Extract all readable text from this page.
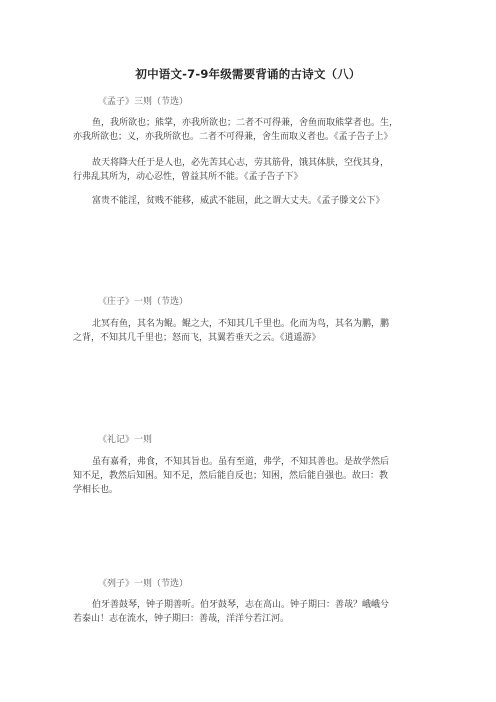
初中语文-7-9年级需要背诵的古诗文（八）
《孟子》三则（节选）
鱼，我所欲也；熊掌，亦我所欲也；二者不可得兼，舍鱼而取熊掌者也。生，
亦我所欲也；义，亦我所欲也。二者不可得兼，舍生而取义者也。《孟子告子上》
故天将降大任于是人也，必先苦其心志，劳其筋骨，饿其体肤，空伐其身，
行弗乱其所为，动心忍性，曾益其所不能。《孟子告子下》
富贵不能淫，贫贱不能移，威武不能屈，此之谓大丈夫。《孟子滕文公下》
《庄子》一则（节选）
北冥有鱼，其名为鲲。鲲之大，不知其几千里也。化而为鸟，其名为鹏，鹏
之背，不知其几千里也；怒而飞，其翼若垂天之云。《逍遥游》
《礼记》一则
虽有嘉肴，弗食，不知其旨也。虽有至道，弗学，不知其善也。是故学然后
知不足，教然后知困。知不足，然后能自反也；知困，然后能自强也。故曰：教
学相长也。
《列子》一则（节选）
伯牙善鼓琴，钟子期善听。伯牙鼓琴，志在高山。钟子期曰：善哉？峨峨兮
若泰山！志在流水，钟子期曰：善哉，洋洋兮若江河。
